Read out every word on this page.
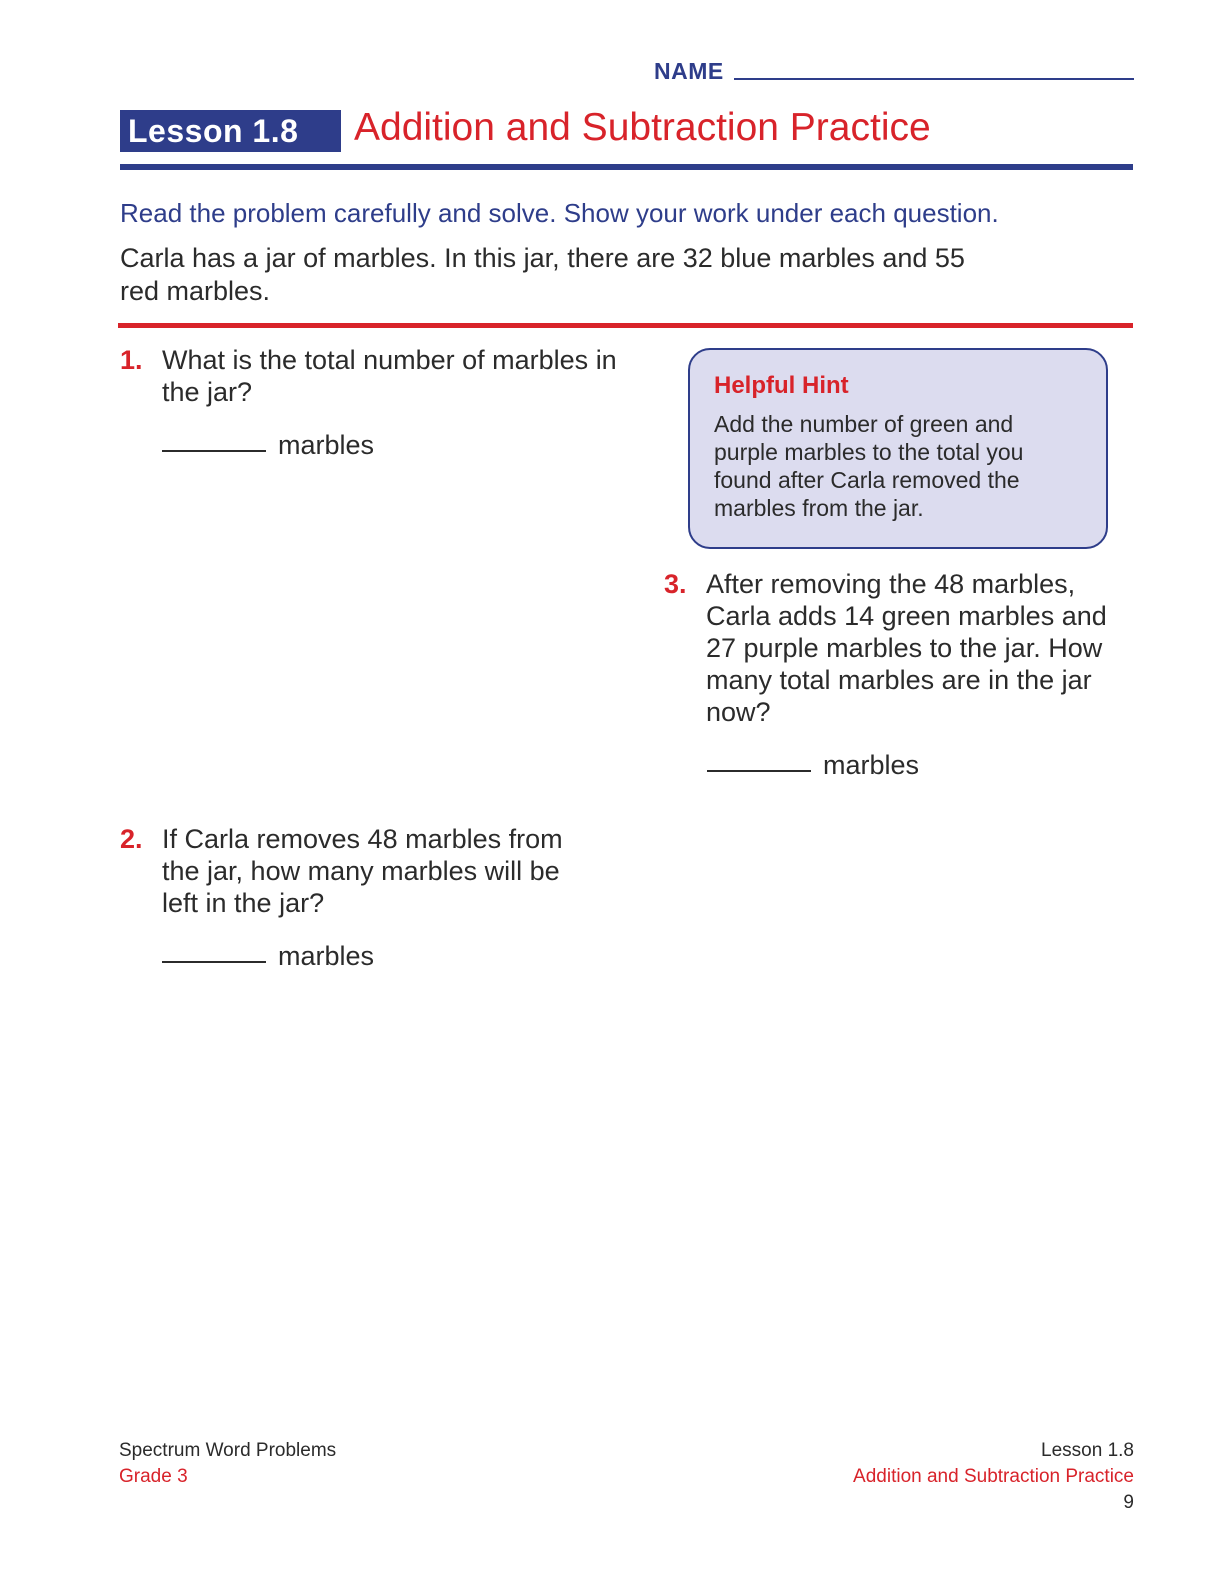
NAME
Lesson 1.8	Addition and Subtraction Practice
Read the problem carefully and solve. Show your work under each question.
Carla has a jar of marbles. In this jar, there are 32 blue marbles and 55 red marbles.
1. What is the total number of marbles in the jar?
marbles
2. If Carla removes 48 marbles from the jar, how many marbles will be left in the jar?
marbles
Helpful Hint
Add the number of green and purple marbles to the total you found after Carla removed the marbles from the jar.
3. After removing the 48 marbles, Carla adds 14 green marbles and 27 purple marbles to the jar. How many total marbles are in the jar now?
marbles
Spectrum Word Problems
Grade 3
Lesson 1.8
Addition and Subtraction Practice
9
